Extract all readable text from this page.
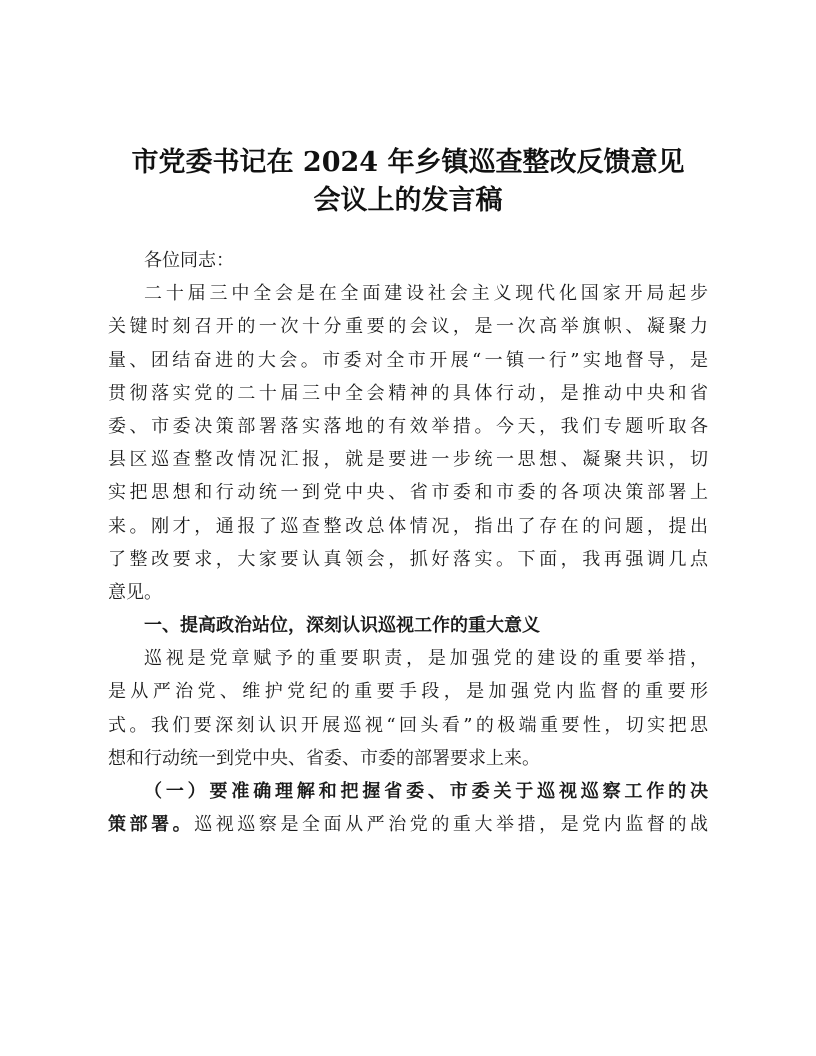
市党委书记在 2024 年乡镇巡查整改反馈意见
会议上的发言稿
各位同志：
二十届三中全会是在全面建设社会主义现代化国家开局起步
关键时刻召开的一次十分重要的会议，是一次高举旗帜、凝聚力
量、团结奋进的大会。市委对全市开展“一镇一行”实地督导，是
贯彻落实党的二十届三中全会精神的具体行动，是推动中央和省
委、市委决策部署落实落地的有效举措。今天，我们专题听取各
县区巡查整改情况汇报，就是要进一步统一思想、凝聚共识，切
实把思想和行动统一到党中央、省市委和市委的各项决策部署上
来。刚才，通报了巡查整改总体情况，指出了存在的问题，提出
了整改要求，大家要认真领会，抓好落实。下面，我再强调几点
意见。
一、提高政治站位，深刻认识巡视工作的重大意义
巡视是党章赋予的重要职责，是加强党的建设的重要举措，
是从严治党、维护党纪的重要手段，是加强党内监督的重要形
式。我们要深刻认识开展巡视“回头看”的极端重要性，切实把思
想和行动统一到党中央、省委、市委的部署要求上来。
（一）要准确理解和把握省委、市委关于巡视巡察工作的决
策部署。巡视巡察是全面从严治党的重大举措，是党内监督的战
